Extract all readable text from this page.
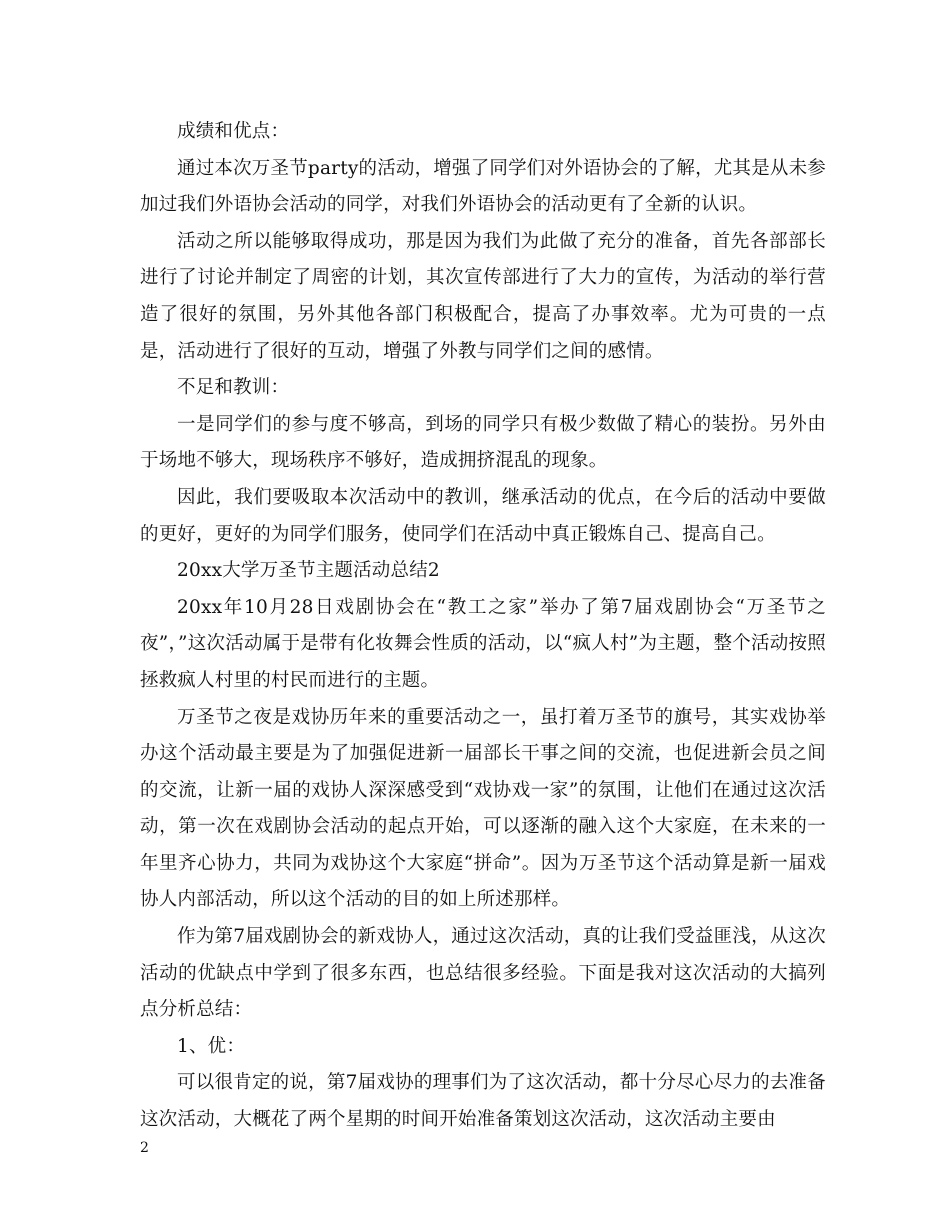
成绩和优点：

通过本次万圣节party的活动，增强了同学们对外语协会的了解，尤其是从未参加过我们外语协会活动的同学，对我们外语协会的活动更有了全新的认识。

活动之所以能够取得成功，那是因为我们为此做了充分的准备，首先各部部长进行了讨论并制定了周密的计划，其次宣传部进行了大力的宣传，为活动的举行营造了很好的氛围，另外其他各部门积极配合，提高了办事效率。尤为可贵的一点是，活动进行了很好的互动，增强了外教与同学们之间的感情。

不足和教训：

一是同学们的参与度不够高，到场的同学只有极少数做了精心的装扮。另外由于场地不够大，现场秩序不够好，造成拥挤混乱的现象。

因此，我们要吸取本次活动中的教训，继承活动的优点，在今后的活动中要做的更好，更好的为同学们服务，使同学们在活动中真正锻炼自己、提高自己。

20xx大学万圣节主题活动总结2

20xx年10月28日戏剧协会在“教工之家”举办了第7届戏剧协会“万圣节之夜”，”这次活动属于是带有化妆舞会性质的活动，以“疯人村”为主题，整个活动按照拯救疯人村里的村民而进行的主题。

万圣节之夜是戏协历年来的重要活动之一，虽打着万圣节的旗号，其实戏协举办这个活动最主要是为了加强促进新一届部长干事之间的交流，也促进新会员之间的交流，让新一届的戏协人深深感受到“戏协戏一家”的氛围，让他们在通过这次活动，第一次在戏剧协会活动的起点开始，可以逐渐的融入这个大家庭，在未来的一年里齐心协力，共同为戏协这个大家庭“拼命”。因为万圣节这个活动算是新一届戏协人内部活动，所以这个活动的目的如上所述那样。

作为第7届戏剧协会的新戏协人，通过这次活动，真的让我们受益匪浅，从这次活动的优缺点中学到了很多东西，也总结很多经验。下面是我对这次活动的大搞列点分析总结：

1、优：

可以很肯定的说，第7届戏协的理事们为了这次活动，都十分尽心尽力的去准备这次活动，大概花了两个星期的时间开始准备策划这次活动，这次活动主要由

2
